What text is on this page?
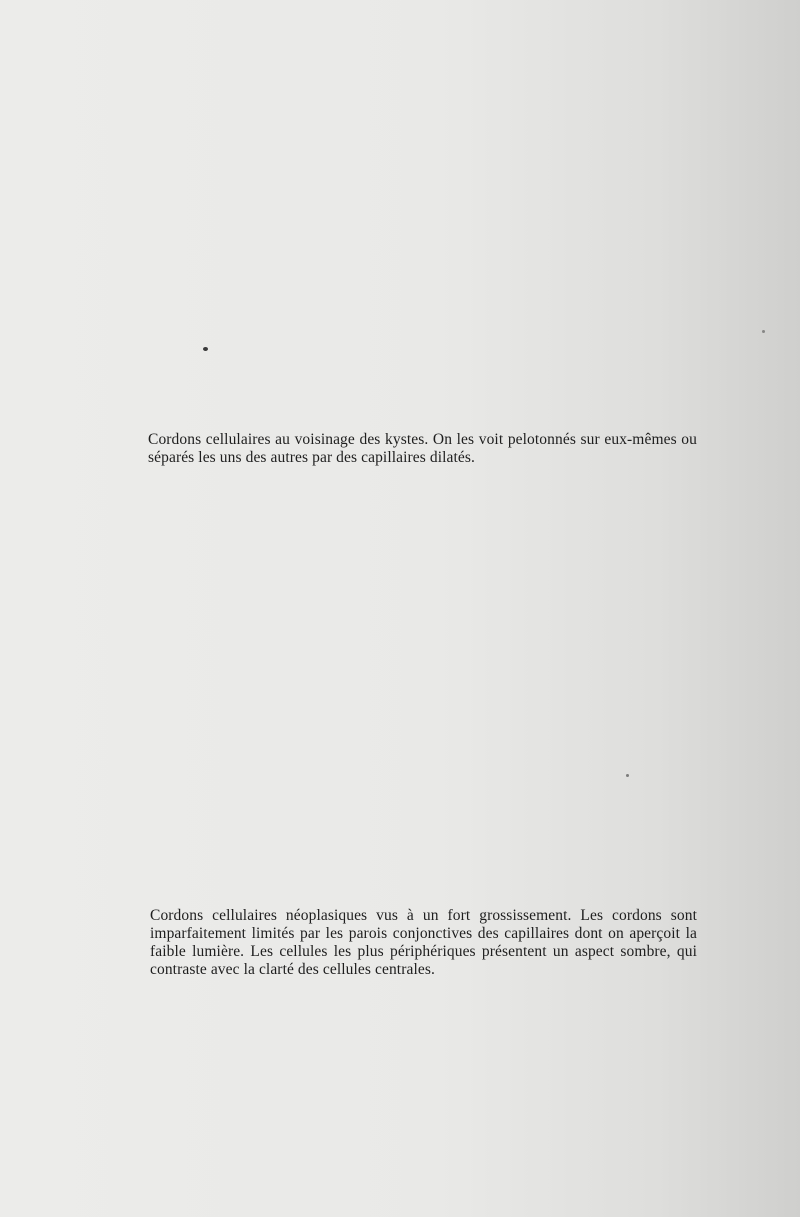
Cordons cellulaires au voisinage des kystes. On les voit pelotonnés sur eux-mêmes ou séparés les uns des autres par des capillaires dilatés.

Cordons cellulaires néoplasiques vus à un fort grossissement. Les cordons sont imparfaitement limités par les parois conjonctives des capillaires dont on aperçoit la faible lumière. Les cellules les plus périphériques présentent un aspect sombre, qui contraste avec la clarté des cellules centrales.
